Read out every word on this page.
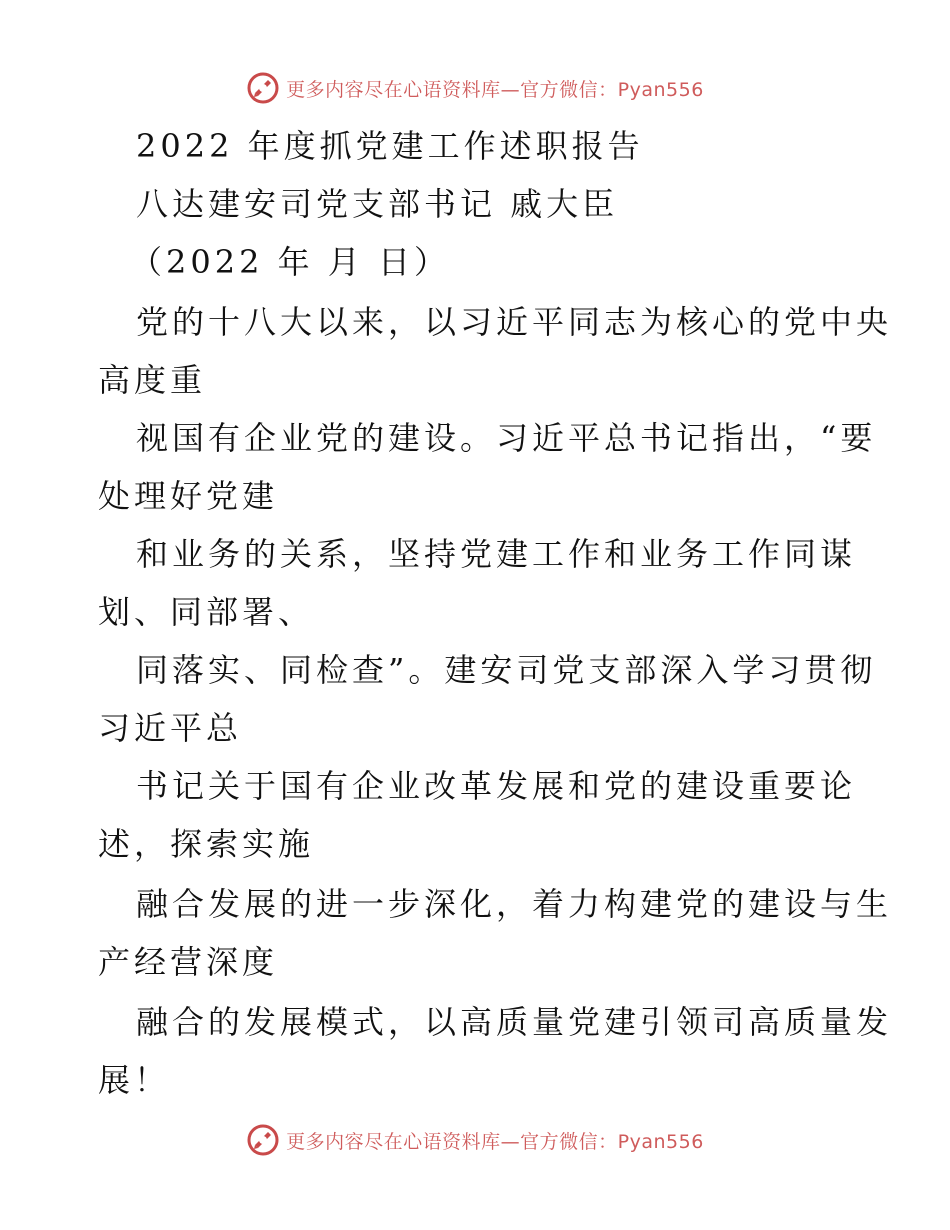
更多内容尽在心语资料库—官方微信：Pyan556
2022 年度抓党建工作述职报告
八达建安司党支部书记 戚大臣
（2022 年 月 日）
党的十八大以来，以习近平同志为核心的党中央
高度重
视国有企业党的建设。习近平总书记指出，“要
处理好党建
和业务的关系，坚持党建工作和业务工作同谋
划、同部署、
同落实、同检查”。建安司党支部深入学习贯彻
习近平总
书记关于国有企业改革发展和党的建设重要论
述，探索实施
融合发展的进一步深化，着力构建党的建设与生
产经营深度
融合的发展模式，以高质量党建引领司高质量发
展！
更多内容尽在心语资料库—官方微信：Pyan556
